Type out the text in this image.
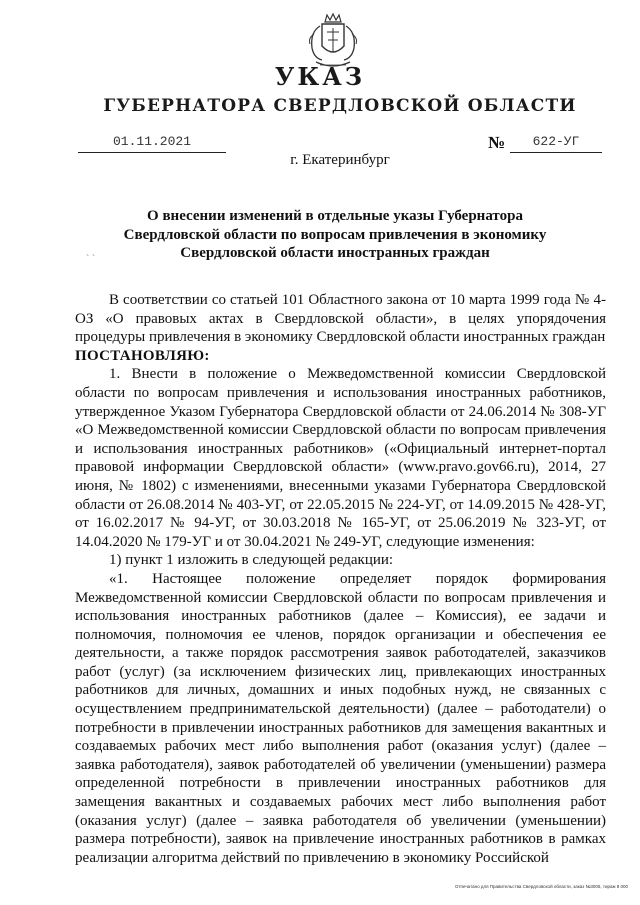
УКАЗ
ГУБЕРНАТОРА СВЕРДЛОВСКОЙ ОБЛАСТИ
01.11.2021	№	622-УГ
г. Екатеринбург
О внесении изменений в отдельные указы Губернатора
Свердловской области по вопросам привлечения в экономику
Свердловской области иностранных граждан
` `

В соответствии со статьей 101 Областного закона от 10 марта 1999 года № 4-ОЗ «О правовых актах в Свердловской области», в целях упорядочения процедуры привлечения в экономику Свердловской области иностранных граждан

ПОСТАНОВЛЯЮ:

1. Внести в положение о Межведомственной комиссии Свердловской области по вопросам привлечения и использования иностранных работников, утвержденное Указом Губернатора Свердловской области от 24.06.2014 № 308-УГ «О Межведомственной комиссии Свердловской области по вопросам привлечения и использования иностранных работников» («Официальный интернет-портал правовой информации Свердловской области» (www.pravo.gov66.ru), 2014, 27 июня, № 1802) с изменениями, внесенными указами Губернатора Свердловской области от 26.08.2014 № 403-УГ, от 22.05.2015 № 224-УГ, от 14.09.2015 № 428-УГ, от 16.02.2017 № 94-УГ, от 30.03.2018 № 165-УГ, от 25.06.2019 № 323-УГ, от 14.04.2020 № 179-УГ и от 30.04.2021 № 249-УГ, следующие изменения:

1) пункт 1 изложить в следующей редакции:

«1. Настоящее положение определяет порядок формирования Межведомственной комиссии Свердловской области по вопросам привлечения и использования иностранных работников (далее – Комиссия), ее задачи и полномочия, полномочия ее членов, порядок организации и обеспечения ее деятельности, а также порядок рассмотрения заявок работодателей, заказчиков работ (услуг) (за исключением физических лиц, привлекающих иностранных работников для личных, домашних и иных подобных нужд, не связанных с осуществлением предпринимательской деятельности) (далее – работодатели) о потребности в привлечении иностранных работников для замещения вакантных и создаваемых рабочих мест либо выполнения работ (оказания услуг) (далее – заявка работодателя), заявок работодателей об увеличении (уменьшении) размера определенной потребности в привлечении иностранных работников для замещения вакантных и создаваемых рабочих мест либо выполнения работ (оказания услуг) (далее – заявка работодателя об увеличении (уменьшении) размера потребности), заявок на привлечение иностранных работников в рамках реализации алгоритма действий по привлечению в экономику Российской

Отпечатано для Правительства Свердловской области, заказ №3005, тираж 8 000
